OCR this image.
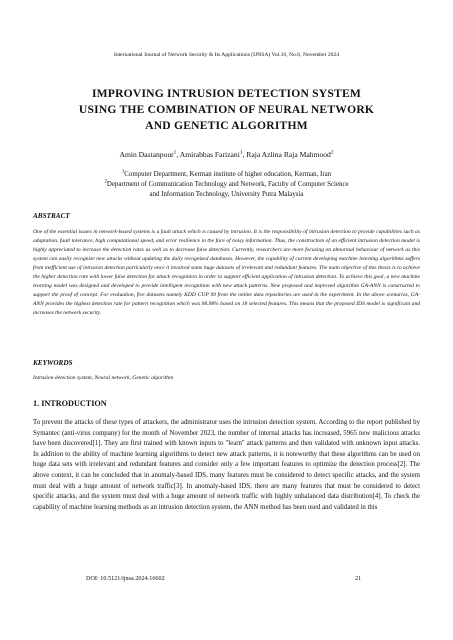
International Journal of Network Security & Its Applications (IJNSA) Vol.16, No.6, November 2024
IMPROVING INTRUSION DETECTION SYSTEM
USING THE COMBINATION OF NEURAL NETWORK
AND GENETIC ALGORITHM
Amin Dastanpour$^1$, Amirabbas Farizani$^1$, Raja Azlina Raja Mahmood$^2$
$^1$Computer Department, Kerman institute of higher education, Kerman, Iran
$^2$Department of Communication Technology and Network, Faculty of Computer Science
and Information Technology, University Putra Malaysia
ABSTRACT

One of the essential issues in network-based systems is a fault attack which is caused by intrusion. It is the responsibility of intrusion detection to provide capabilities such as adaptation, fault tolerance, high computational speed, and error resilience in the face of noisy information. Thus, the construction of an efficient intrusion detection model is highly appreciated to increase the detection rates as well as to decrease false detection. Currently, researchers are more focusing on abnormal behaviour of network as this system can easily recognize new attacks without updating the daily recognized databases. However, the capability of current developing machine learning algorithms suffers from inefficient use of intrusion detection particularly once it involved some huge datasets of irrelevant and redundant features. The main objective of this thesis is to achieve the higher detection rate with lower false detection for attack recognition in order to support efficient application of intrusion detection. To achieve this goal, a new machine learning model was designed and developed to provide intelligent recognition with new attack patterns. New proposed and improved algorithm GA-ANN is constructed to support the proof of concept. For evaluation, five datasets namely KDD CUP 99 from the online data repositories are used in the experiment. In the above scenarios, GA-ANN provides the highest detection rate for pattern recognition which was 98.98% based on 18 selected features. This means that the proposed IDS model is significant and increases the network security.

KEYWORDS

Intrusion detection system, Neural network, Genetic algorithm

1. INTRODUCTION

To prevent the attacks of these types of attackers, the administrator uses the intrusion detection system. According to the report published by Symantec (anti-virus company) for the month of November 2023, the number of internal attacks has increased, 5965 new malicious attacks have been discovered[1]. They are first trained with known inputs to "learn" attack patterns and then validated with unknown input attacks. In addition to the ability of machine learning algorithms to detect new attack patterns, it is noteworthy that these algorithms can be used on huge data sets with irrelevant and redundant features and consider only a few important features to optimize the detection process[2]. The above context, it can be concluded that in anomaly-based IDS, many features must be considered to detect specific attacks, and the system must deal with a huge amount of network traffic[3]. In anomaly-based IDS, there are many features that must be considered to detect specific attacks, and the system must deal with a huge amount of network traffic with highly unbalanced data distribution[4]. To check the capability of machine learning methods as an intrusion detection system, the ANN method has been used and validated in this

DOI: 10.5121/ijnsa.2024.16602	21
